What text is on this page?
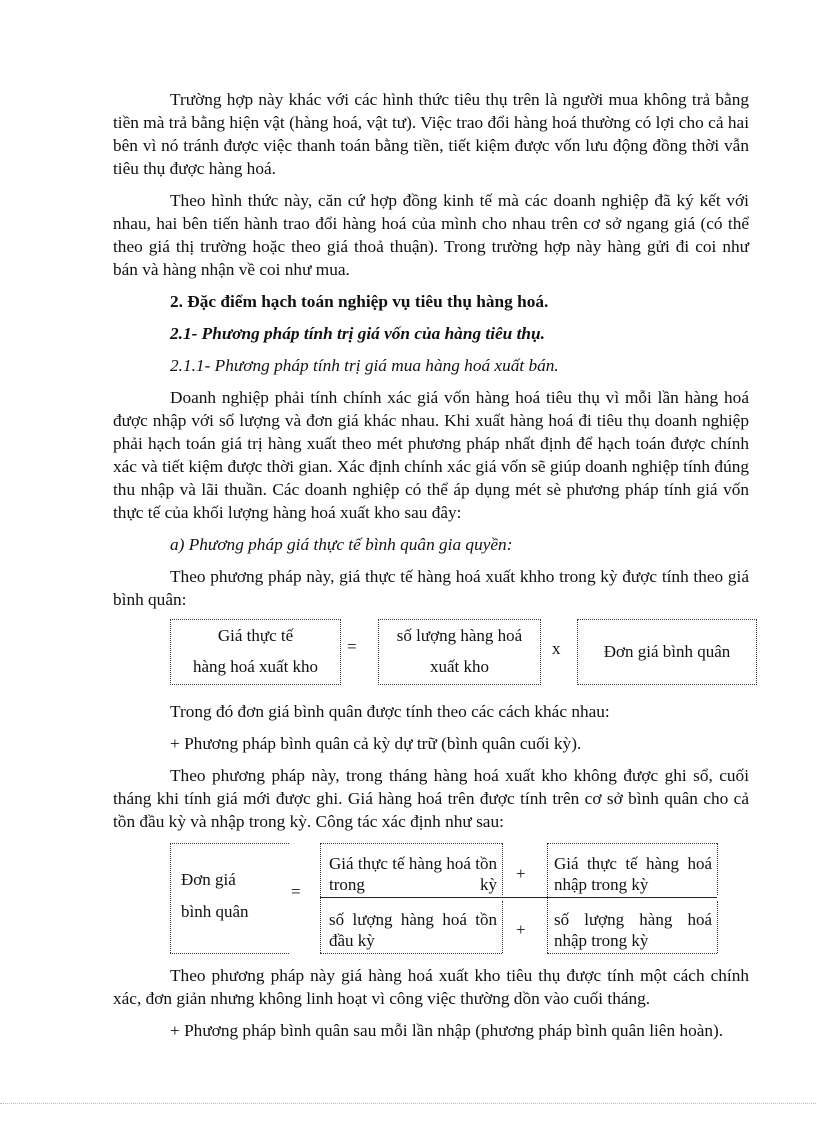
Trường hợp này khác với các hình thức tiêu thụ trên là người mua không trả bằng tiền mà trả bằng hiện vật (hàng hoá, vật tư). Việc trao đổi hàng hoá thường có lợi cho cả hai bên vì nó tránh được việc thanh toán bằng tiền, tiết kiệm được vốn lưu động đồng thời vẫn tiêu thụ được hàng hoá.

Theo hình thức này, căn cứ hợp đồng kinh tế mà các doanh nghiệp đã ký kết với nhau, hai bên tiến hành trao đổi hàng hoá của mình cho nhau trên cơ sở ngang giá (có thể theo giá thị trường hoặc theo giá thoả thuận). Trong trường hợp này hàng gửi đi coi như bán và hàng nhận về coi như mua.

2. Đặc điểm hạch toán nghiệp vụ tiêu thụ hàng hoá.

2.1- Phương pháp tính trị giá vốn của hàng tiêu thụ.

2.1.1- Phương pháp tính trị giá mua hàng hoá xuất bán.

Doanh nghiệp phải tính chính xác giá vốn hàng hoá tiêu thụ vì mỗi lần hàng hoá được nhập với số lượng và đơn giá khác nhau. Khi xuất hàng hoá đi tiêu thụ doanh nghiệp phải hạch toán giá trị hàng xuất theo mét phương pháp nhất định để hạch toán được chính xác và tiết kiệm được thời gian. Xác định chính xác giá vốn sẽ giúp doanh nghiệp tính đúng thu nhập và lãi thuần. Các doanh nghiệp có thể áp dụng mét sè phương pháp tính giá vốn thực tế của khối lượng hàng hoá xuất kho sau đây:

a) Phương pháp giá thực tế bình quân gia quyền:

Theo phương pháp này, giá thực tế hàng hoá xuất khho trong kỳ được tính theo giá bình quân:

Giá thực tế
hàng hoá xuất kho
=
số lượng hàng hoá
xuất kho
x	Đơn giá bình quân

Trong đó đơn giá bình quân được tính theo các cách khác nhau:

+ Phương pháp bình quân cả kỳ dự trữ (bình quân cuối kỳ).

Theo phương pháp này, trong tháng hàng hoá xuất kho không được ghi sổ, cuối tháng khi tính giá mới được ghi. Giá hàng hoá trên được tính trên cơ sở bình quân cho cả tồn đầu kỳ và nhập trong kỳ. Công tác xác định như sau:

Đơn giá
bình quân
=
Giá thực tế hàng hoá tồn trong kỳ
+
Giá thực tế hàng hoá nhập trong kỳ
số lượng hàng hoá tồn đầu kỳ
+
số lượng hàng hoá nhập trong kỳ

Theo phương pháp này giá hàng hoá xuất kho tiêu thụ được tính một cách chính xác, đơn giản nhưng không linh hoạt vì công việc thường dồn vào cuối tháng.

+ Phương pháp bình quân sau mỗi lần nhập (phương pháp bình quân liên hoàn).
